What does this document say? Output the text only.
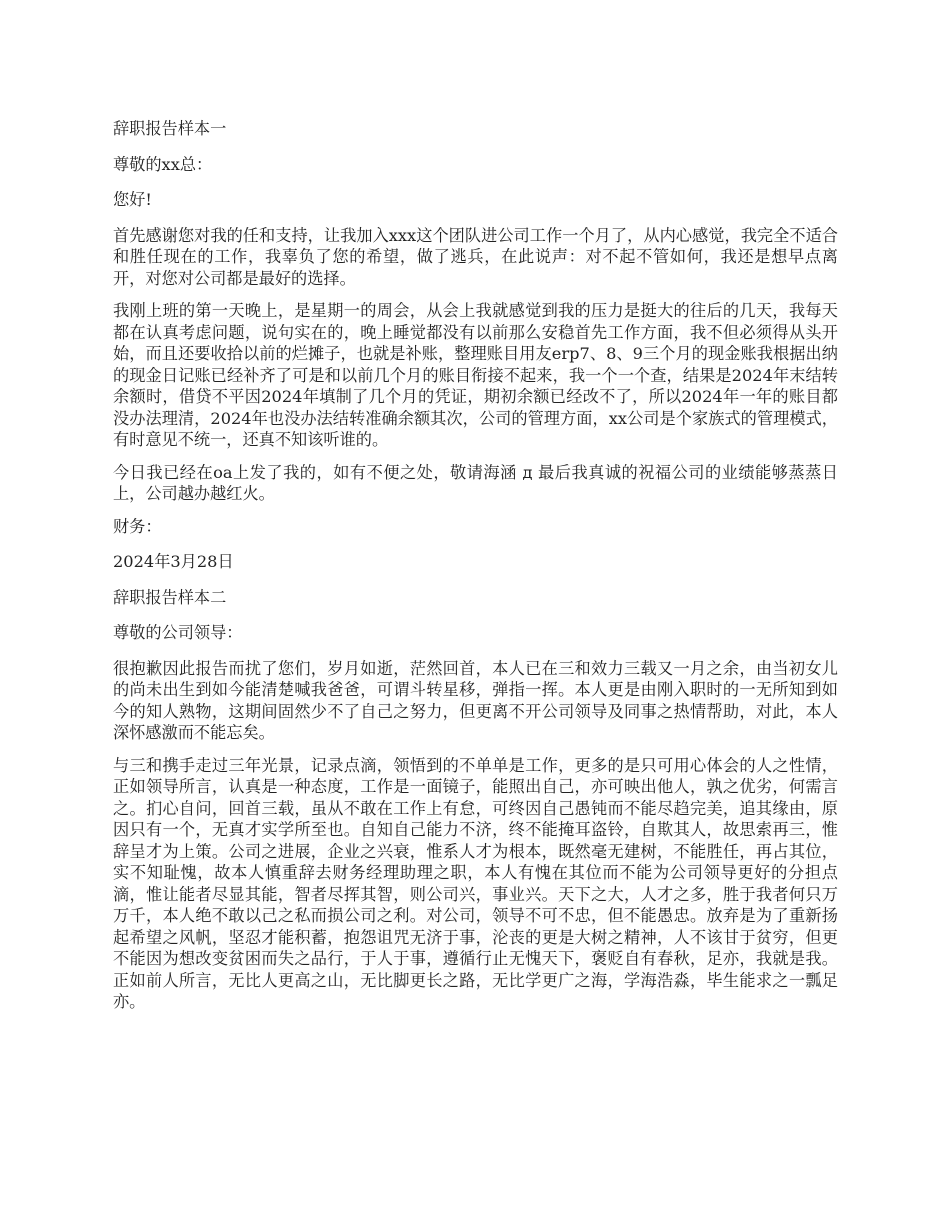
辞职报告样本一

尊敬的xx总：

您好!

首先感谢您对我的任和支持，让我加入xxx这个团队进公司工作一个月了，从内心感觉，我完全不适合和胜任现在的工作，我辜负了您的希望，做了逃兵，在此说声：对不起不管如何，我还是想早点离开，对您对公司都是最好的选择。

我刚上班的第一天晚上，是星期一的周会，从会上我就感觉到我的压力是挺大的往后的几天，我每天都在认真考虑问题，说句实在的，晚上睡觉都没有以前那么安稳首先工作方面，我不但必须得从头开始，而且还要收拾以前的烂摊子，也就是补账，整理账目用友erp7、8、9三个月的现金账我根据出纳的现金日记账已经补齐了可是和以前几个月的账目衔接不起来，我一个一个查，结果是2024年末结转余额时，借贷不平因2024年填制了几个月的凭证，期初余额已经改不了，所以2024年一年的账目都没办法理清，2024年也没办法结转准确余额其次，公司的管理方面，xx公司是个家族式的管理模式，有时意见不统一，还真不知该听谁的。

今日我已经在oa上发了我的，如有不便之处，敬请海涵 д 最后我真诚的祝福公司的业绩能够蒸蒸日上，公司越办越红火。

财务：

2024年3月28日

辞职报告样本二

尊敬的公司领导：

很抱歉因此报告而扰了您们，岁月如逝，茫然回首，本人已在三和效力三载又一月之余，由当初女儿的尚未出生到如今能清楚喊我爸爸，可谓斗转星移，弹指一挥。本人更是由刚入职时的一无所知到如今的知人熟物，这期间固然少不了自己之努力，但更离不开公司领导及同事之热情帮助，对此，本人深怀感激而不能忘矣。

与三和携手走过三年光景，记录点滴，领悟到的不单单是工作，更多的是只可用心体会的人之性情，正如领导所言，认真是一种态度，工作是一面镜子，能照出自己，亦可映出他人，孰之优劣，何需言之。扪心自问，回首三载，虽从不敢在工作上有怠，可终因自己愚钝而不能尽趋完美，追其缘由，原因只有一个，无真才实学所至也。自知自己能力不济，终不能掩耳盗铃，自欺其人，故思索再三，惟辞呈才为上策。公司之进展，企业之兴衰，惟系人才为根本，既然毫无建树，不能胜任，再占其位，实不知耻愧，故本人慎重辞去财务经理助理之职，本人有愧在其位而不能为公司领导更好的分担点滴，惟让能者尽显其能，智者尽挥其智，则公司兴，事业兴。天下之大，人才之多，胜于我者何只万万千，本人绝不敢以己之私而损公司之利。对公司，领导不可不忠，但不能愚忠。放弃是为了重新扬起希望之风帆，坚忍才能积蓄，抱怨诅咒无济于事，沦丧的更是大树之精神，人不该甘于贫穷，但更不能因为想改变贫困而失之品行，于人于事，遵循行止无愧天下，褒贬自有春秋，足亦，我就是我。正如前人所言，无比人更高之山，无比脚更长之路，无比学更广之海，学海浩淼，毕生能求之一瓢足亦。
